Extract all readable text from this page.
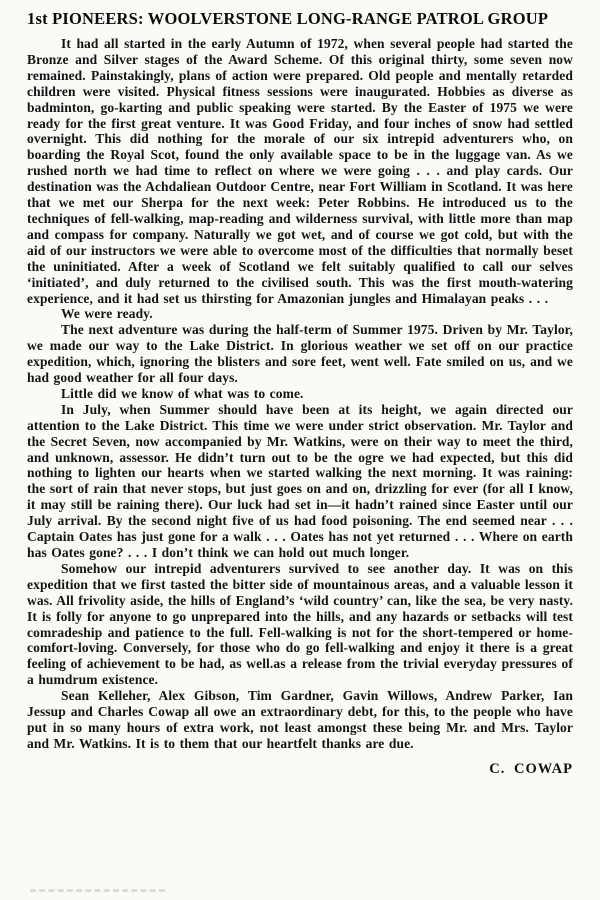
1st PIONEERS: WOOLVERSTONE LONG-RANGE PATROL GROUP

It had all started in the early Autumn of 1972, when several people had started the Bronze and Silver stages of the Award Scheme. Of this original thirty, some seven now remained. Painstakingly, plans of action were prepared. Old people and mentally retarded children were visited. Physical fitness sessions were inaugurated. Hobbies as diverse as badminton, go-karting and public speaking were started. By the Easter of 1975 we were ready for the first great venture. It was Good Friday, and four inches of snow had settled overnight. This did nothing for the morale of our six intrepid adventurers who, on boarding the Royal Scot, found the only available space to be in the luggage van. As we rushed north we had time to reflect on where we were going . . . and play cards. Our destination was the Achdaliean Outdoor Centre, near Fort William in Scotland. It was here that we met our Sherpa for the next week: Peter Robbins. He introduced us to the techniques of fell-walking, map-reading and wilderness survival, with little more than map and compass for company. Naturally we got wet, and of course we got cold, but with the aid of our instructors we were able to overcome most of the difficulties that normally beset the uninitiated. After a week of Scotland we felt suitably qualified to call our selves ‘initiated’, and duly returned to the civilised south. This was the first mouth-watering experience, and it had set us thirsting for Amazonian jungles and Himalayan peaks . . .

We were ready.

The next adventure was during the half-term of Summer 1975. Driven by Mr. Taylor, we made our way to the Lake District. In glorious weather we set off on our practice expedition, which, ignoring the blisters and sore feet, went well. Fate smiled on us, and we had good weather for all four days.

Little did we know of what was to come.

In July, when Summer should have been at its height, we again directed our attention to the Lake District. This time we were under strict observation. Mr. Taylor and the Secret Seven, now accompanied by Mr. Watkins, were on their way to meet the third, and unknown, assessor. He didn’t turn out to be the ogre we had expected, but this did nothing to lighten our hearts when we started walking the next morning. It was raining: the sort of rain that never stops, but just goes on and on, drizzling for ever (for all I know, it may still be raining there). Our luck had set in—it hadn’t rained since Easter until our July arrival. By the second night five of us had food poisoning. The end seemed near . . . Captain Oates has just gone for a walk . . . Oates has not yet returned . . . Where on earth has Oates gone? . . . I don’t think we can hold out much longer.

Somehow our intrepid adventurers survived to see another day. It was on this expedition that we first tasted the bitter side of mountainous areas, and a valuable lesson it was. All frivolity aside, the hills of England’s ‘wild country’ can, like the sea, be very nasty. It is folly for anyone to go unprepared into the hills, and any hazards or setbacks will test comradeship and patience to the full. Fell-walking is not for the short-tempered or home-comfort-loving. Conversely, for those who do go fell-walking and enjoy it there is a great feeling of achievement to be had, as well.as a release from the trivial everyday pressures of a humdrum existence.

Sean Kelleher, Alex Gibson, Tim Gardner, Gavin Willows, Andrew Parker, Ian Jessup and Charles Cowap all owe an extraordinary debt, for this, to the people who have put in so many hours of extra work, not least amongst these being Mr. and Mrs. Taylor and Mr. Watkins. It is to them that our heartfelt thanks are due.

C. COWAP
